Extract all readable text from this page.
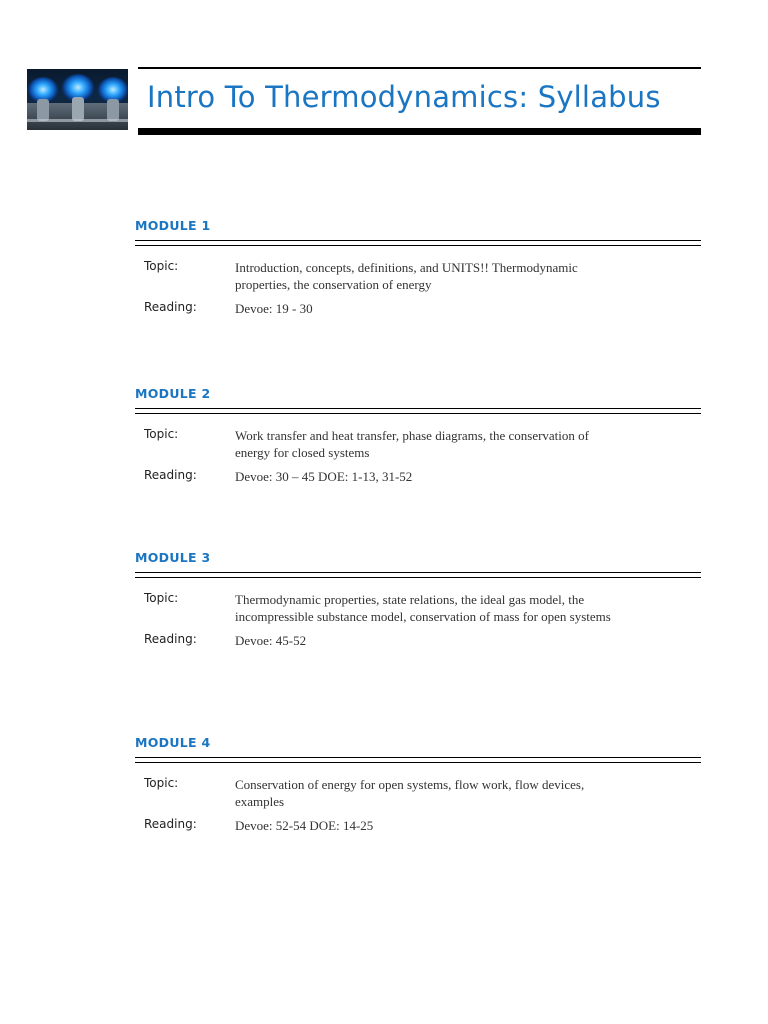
Intro To Thermodynamics: Syllabus
MODULE 1
Topic:	Introduction, concepts, definitions, and UNITS!! Thermodynamic properties, the conservation of energy
Reading:	Devoe: 19 - 30
MODULE 2
Topic:	Work transfer and heat transfer, phase diagrams, the conservation of energy for closed systems
Reading:	Devoe: 30 – 45 DOE: 1-13, 31-52
MODULE 3
Topic:	Thermodynamic properties, state relations, the ideal gas model, the incompressible substance model, conservation of mass for open systems
Reading:	Devoe: 45-52
MODULE 4
Topic:	Conservation of energy for open systems, flow work, flow devices, examples
Reading:	Devoe: 52-54 DOE: 14-25
